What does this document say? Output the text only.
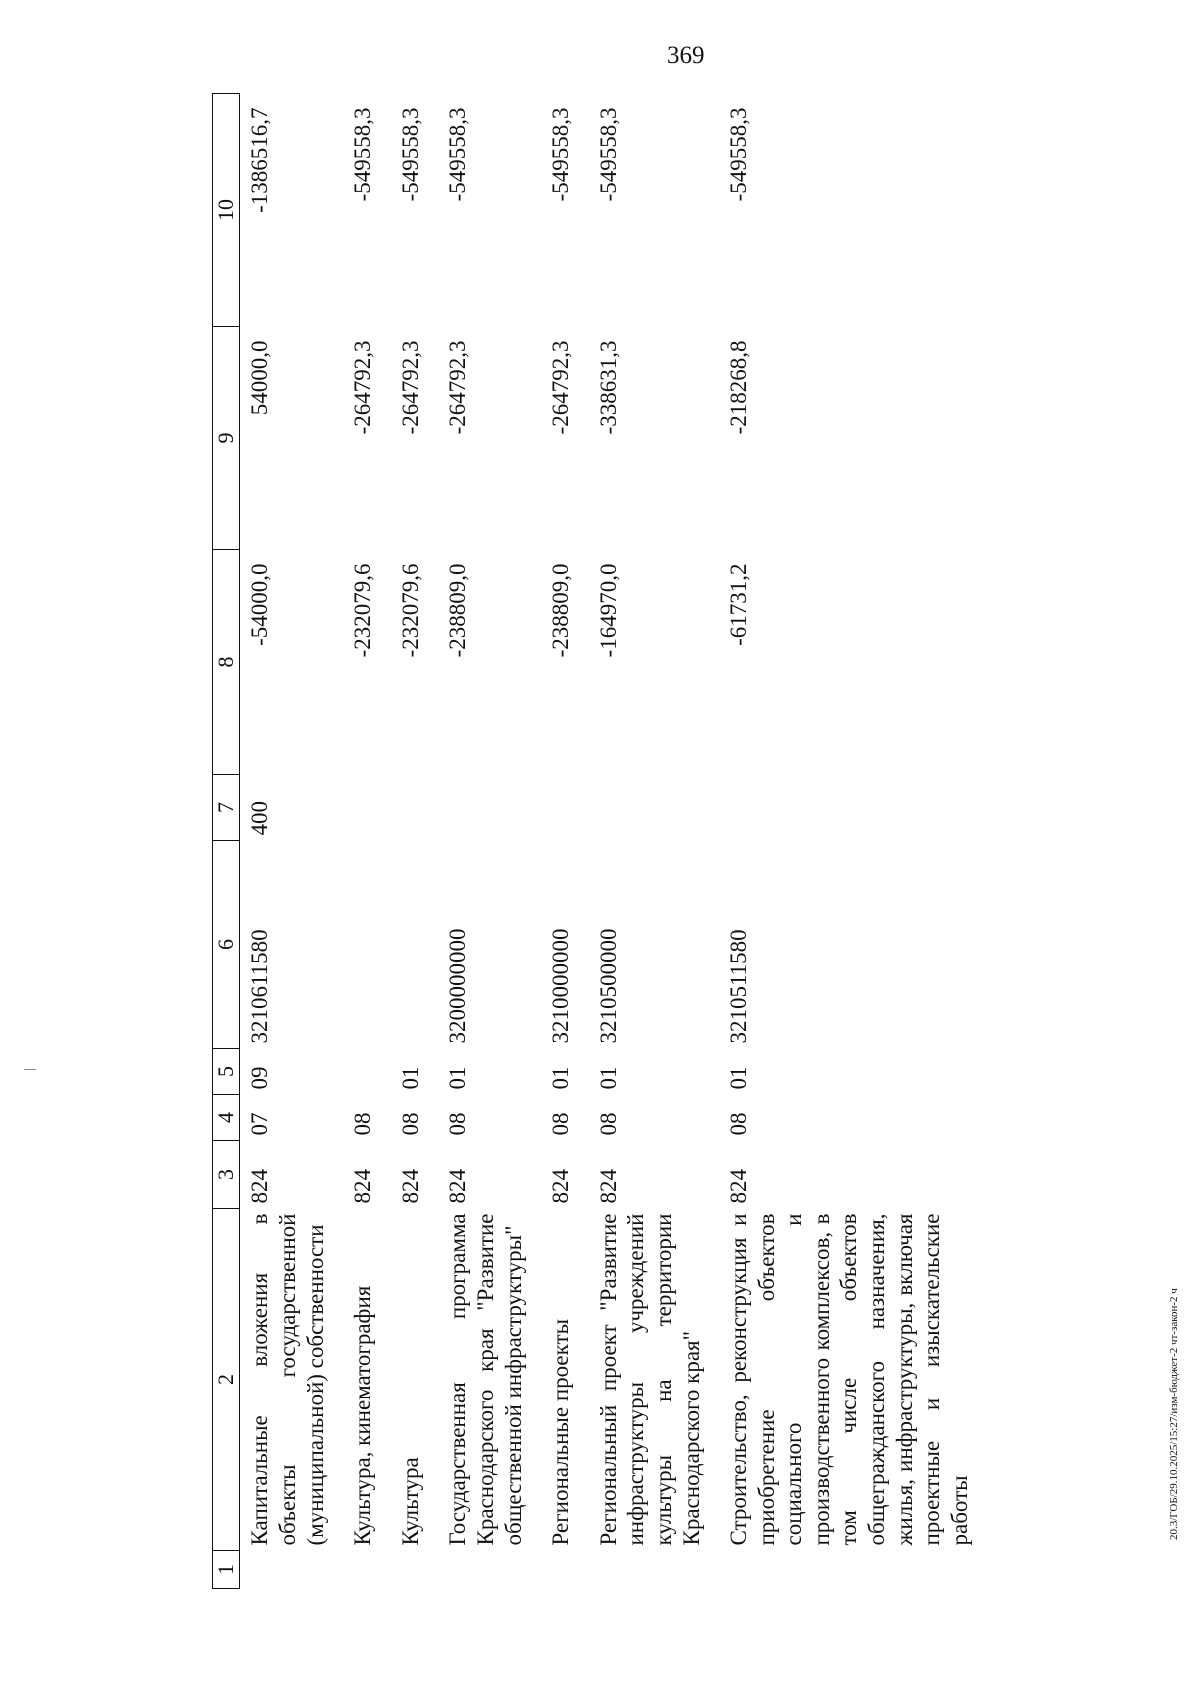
369
20.3/ГОБ/29.10.2025/15:27/изм-бюджет-2 чт-закон-2 ч
1	2	3	4	5	6	7	8	9	10
	Капитальные вложения в объекты государственной (муниципальной) собственности	824	07	09	3210611580	400	-54000,0	54000,0	-1386516,7
	Культура, кинематография	824	08				-232079,6	-264792,3	-549558,3
	Культура	824	08	01			-232079,6	-264792,3	-549558,3
	Государственная программа Краснодарского края "Развитие общественной инфраструктуры"	824	08	01	3200000000		-238809,0	-264792,3	-549558,3
	Региональные проекты	824	08	01	3210000000		-238809,0	-264792,3	-549558,3
	Региональный проект "Развитие инфраструктуры учреждений культуры на территории Краснодарского края"	824	08	01	3210500000		-164970,0	-338631,3	-549558,3
	Строительство, реконструкция и приобретение объектов социального и производственного комплексов, в том числе объектов общегражданского назначения, жилья, инфраструктуры, включая проектные и изыскательские работы	824	08	01	3210511580		-61731,2	-218268,8	-549558,3
